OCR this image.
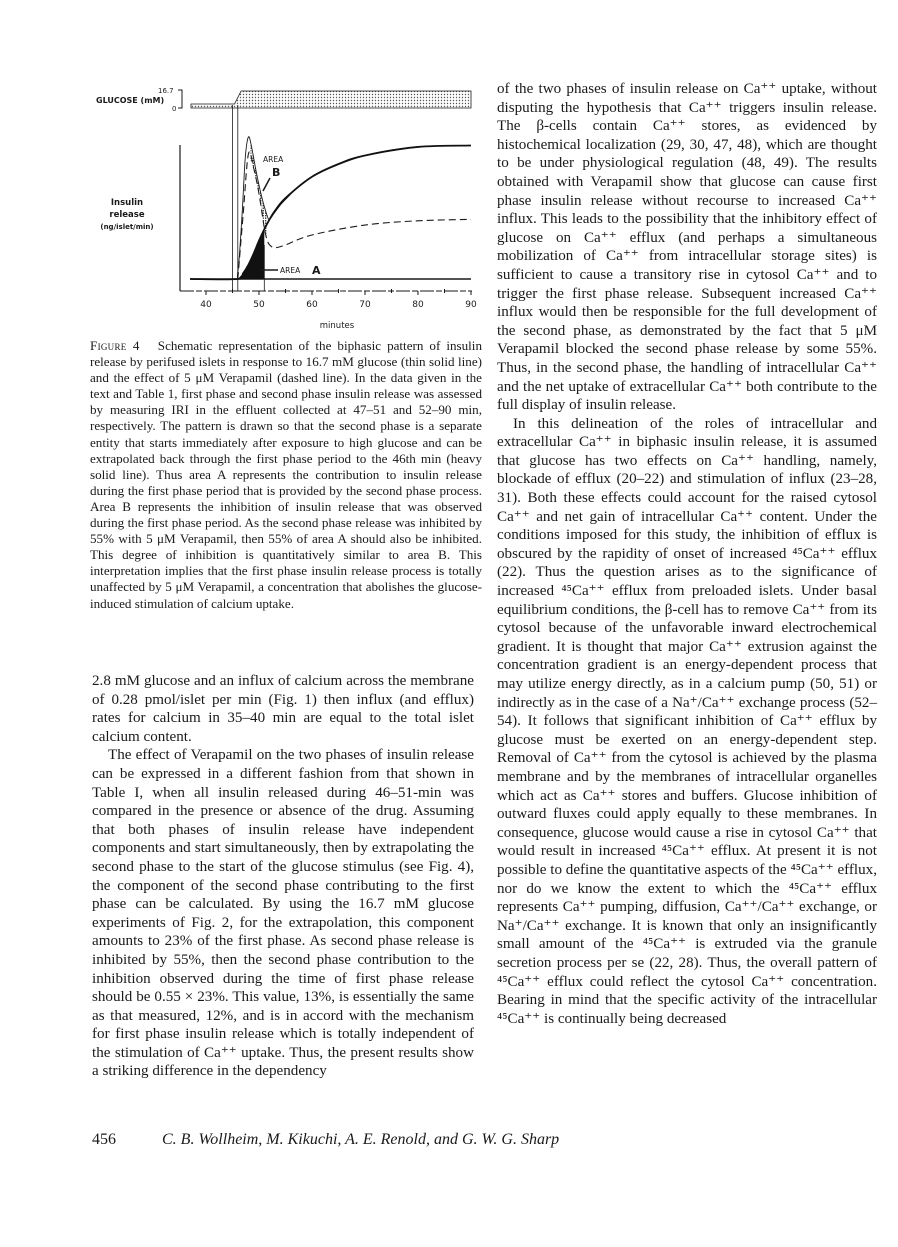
GLUCOSE (mM)
16.7
0
Insulin
release
(ng/islet/min)
40	50	60	70	80	90
minutes
AREA
B
AREA A
Figure 4 Schematic representation of the biphasic pattern of insulin release by perifused islets in response to 16.7 mM glucose (thin solid line) and the effect of 5 μM Verapamil (dashed line). In the data given in the text and Table 1, first phase and second phase insulin release was assessed by measuring IRI in the effluent collected at 47–51 and 52–90 min, respectively. The pattern is drawn so that the second phase is a separate entity that starts immediately after exposure to high glucose and can be extrapolated back through the first phase period to the 46th min (heavy solid line). Thus area A represents the contribution to insulin release during the first phase period that is provided by the second phase process. Area B represents the inhibition of insulin release that was observed during the first phase period. As the second phase release was inhibited by 55% with 5 μM Verapamil, then 55% of area A should also be inhibited. This degree of inhibition is quantitatively similar to area B. This interpretation implies that the first phase insulin release process is totally unaffected by 5 μM Verapamil, a concentration that abolishes the glucose-induced stimulation of calcium uptake.

2.8 mM glucose and an influx of calcium across the membrane of 0.28 pmol/islet per min (Fig. 1) then influx (and efflux) rates for calcium in 35–40 min are equal to the total islet calcium content.

The effect of Verapamil on the two phases of insulin release can be expressed in a different fashion from that shown in Table I, when all insulin released during 46–51-min was compared in the presence or absence of the drug. Assuming that both phases of insulin release have independent components and start simultaneously, then by extrapolating the second phase to the start of the glucose stimulus (see Fig. 4), the component of the second phase contributing to the first phase can be calculated. By using the 16.7 mM glucose experiments of Fig. 2, for the extrapolation, this component amounts to 23% of the first phase. As second phase release is inhibited by 55%, then the second phase contribution to the inhibition observed during the time of first phase release should be 0.55 × 23%. This value, 13%, is essentially the same as that measured, 12%, and is in accord with the mechanism for first phase insulin release which is totally independent of the stimulation of Ca⁺⁺ uptake. Thus, the present results show a striking difference in the dependency

of the two phases of insulin release on Ca⁺⁺ uptake, without disputing the hypothesis that Ca⁺⁺ triggers insulin release. The β-cells contain Ca⁺⁺ stores, as evidenced by histochemical localization (29, 30, 47, 48), which are thought to be under physiological regulation (48, 49). The results obtained with Verapamil show that glucose can cause first phase insulin release without recourse to increased Ca⁺⁺ influx. This leads to the possibility that the inhibitory effect of glucose on Ca⁺⁺ efflux (and perhaps a simultaneous mobilization of Ca⁺⁺ from intracellular storage sites) is sufficient to cause a transitory rise in cytosol Ca⁺⁺ and to trigger the first phase release. Subsequent increased Ca⁺⁺ influx would then be responsible for the full development of the second phase, as demonstrated by the fact that 5 μM Verapamil blocked the second phase release by some 55%. Thus, in the second phase, the handling of intracellular Ca⁺⁺ and the net uptake of extracellular Ca⁺⁺ both contribute to the full display of insulin release.

In this delineation of the roles of intracellular and extracellular Ca⁺⁺ in biphasic insulin release, it is assumed that glucose has two effects on Ca⁺⁺ handling, namely, blockade of efflux (20–22) and stimulation of influx (23–28, 31). Both these effects could account for the raised cytosol Ca⁺⁺ and net gain of intracellular Ca⁺⁺ content. Under the conditions imposed for this study, the inhibition of efflux is obscured by the rapidity of onset of increased ⁴⁵Ca⁺⁺ efflux (22). Thus the question arises as to the significance of increased ⁴⁵Ca⁺⁺ efflux from preloaded islets. Under basal equilibrium conditions, the β-cell has to remove Ca⁺⁺ from its cytosol because of the unfavorable inward electrochemical gradient. It is thought that major Ca⁺⁺ extrusion against the concentration gradient is an energy-dependent process that may utilize energy directly, as in a calcium pump (50, 51) or indirectly as in the case of a Na⁺/Ca⁺⁺ exchange process (52–54). It follows that significant inhibition of Ca⁺⁺ efflux by glucose must be exerted on an energy-dependent step. Removal of Ca⁺⁺ from the cytosol is achieved by the plasma membrane and by the membranes of intracellular organelles which act as Ca⁺⁺ stores and buffers. Glucose inhibition of outward fluxes could apply equally to these membranes. In consequence, glucose would cause a rise in cytosol Ca⁺⁺ that would result in increased ⁴⁵Ca⁺⁺ efflux. At present it is not possible to define the quantitative aspects of the ⁴⁵Ca⁺⁺ efflux, nor do we know the extent to which the ⁴⁵Ca⁺⁺ efflux represents Ca⁺⁺ pumping, diffusion, Ca⁺⁺/Ca⁺⁺ exchange, or Na⁺/Ca⁺⁺ exchange. It is known that only an insignificantly small amount of the ⁴⁵Ca⁺⁺ is extruded via the granule secretion process per se (22, 28). Thus, the overall pattern of ⁴⁵Ca⁺⁺ efflux could reflect the cytosol Ca⁺⁺ concentration. Bearing in mind that the specific activity of the intracellular ⁴⁵Ca⁺⁺ is continually being decreased

456	C. B. Wollheim, M. Kikuchi, A. E. Renold, and G. W. G. Sharp
